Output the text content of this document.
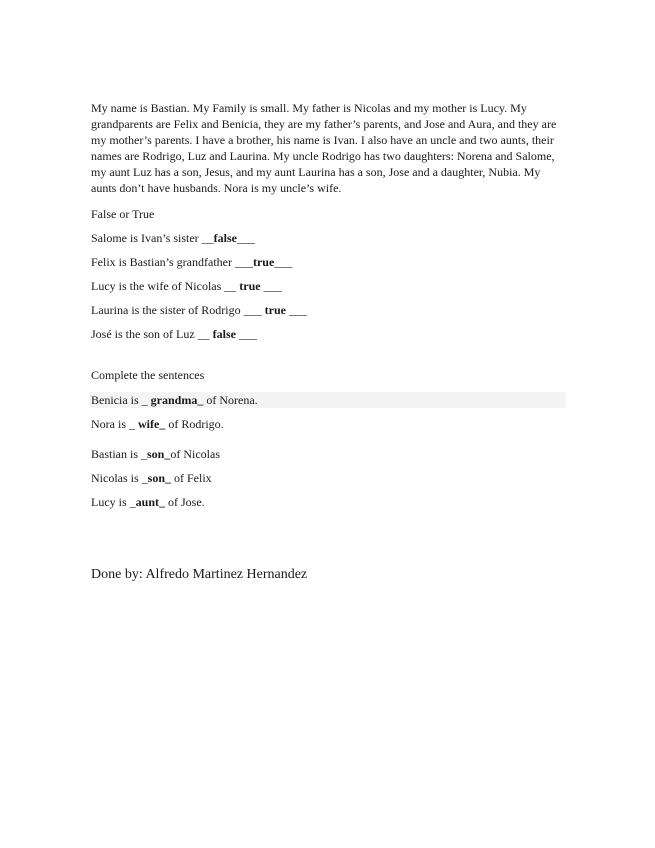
My name is Bastian. My Family is small. My father is Nicolas and my mother is Lucy. My grandparents are Felix and Benicia, they are my father’s parents, and Jose and Aura, and they are my mother’s parents. I have a brother, his name is Ivan. I also have an uncle and two aunts, their names are Rodrigo, Luz and Laurina. My uncle Rodrigo has two daughters: Norena and Salome, my aunt Luz has a son, Jesus, and my aunt Laurina has a son, Jose and a daughter, Nubia. My aunts don’t have husbands. Nora is my uncle’s wife.

False or True
Salome is Ivan’s sister __false___
Felix is Bastian’s grandfather ___true___
Lucy is the wife of Nicolas __ true ___
Laurina is the sister of Rodrigo ___ true ___
José is the son of Luz __ false ___
Complete the sentences
Benicia is _ grandma_ of Norena.
Nora is _ wife_ of Rodrigo.
Bastian is _son_of Nicolas
Nicolas is _son_ of Felix
Lucy is _aunt_ of Jose.
Done by: Alfredo Martinez Hernandez
